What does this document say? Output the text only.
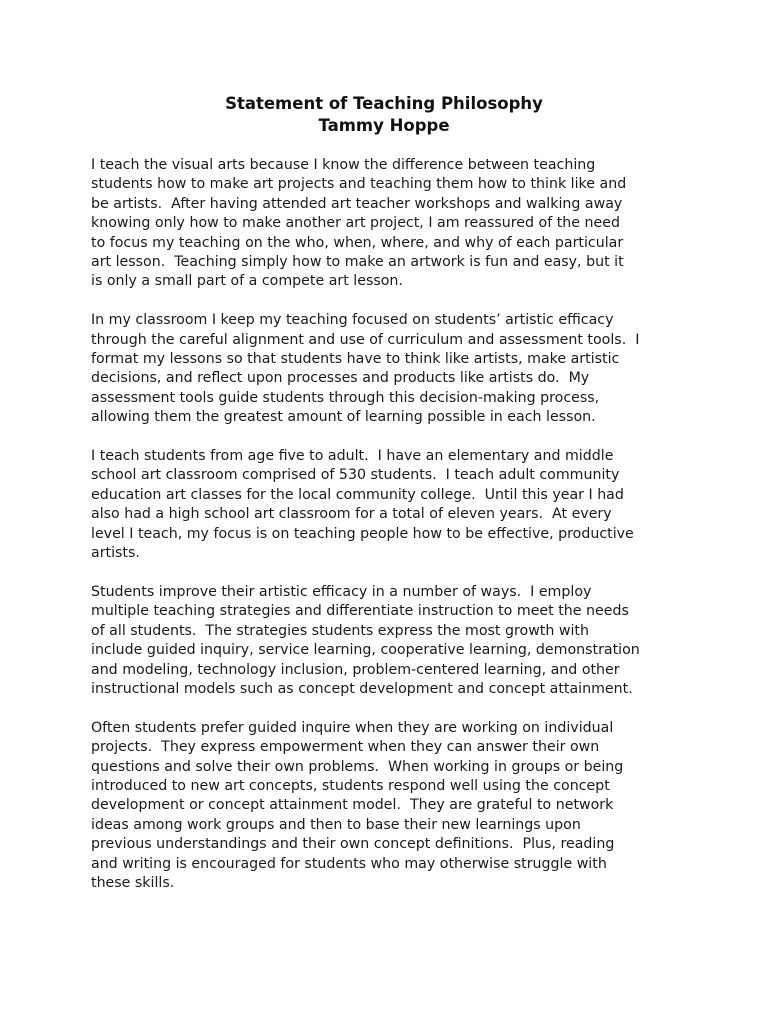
Statement of Teaching Philosophy
Tammy Hoppe

I teach the visual arts because I know the difference between teaching
students how to make art projects and teaching them how to think like and
be artists.  After having attended art teacher workshops and walking away
knowing only how to make another art project, I am reassured of the need
to focus my teaching on the who, when, where, and why of each particular
art lesson.  Teaching simply how to make an artwork is fun and easy, but it
is only a small part of a compete art lesson.

In my classroom I keep my teaching focused on students’ artistic efficacy
through the careful alignment and use of curriculum and assessment tools.  I
format my lessons so that students have to think like artists, make artistic
decisions, and reflect upon processes and products like artists do.  My
assessment tools guide students through this decision-making process,
allowing them the greatest amount of learning possible in each lesson.

I teach students from age five to adult.  I have an elementary and middle
school art classroom comprised of 530 students.  I teach adult community
education art classes for the local community college.  Until this year I had
also had a high school art classroom for a total of eleven years.  At every
level I teach, my focus is on teaching people how to be effective, productive
artists.

Students improve their artistic efficacy in a number of ways.  I employ
multiple teaching strategies and differentiate instruction to meet the needs
of all students.  The strategies students express the most growth with
include guided inquiry, service learning, cooperative learning, demonstration
and modeling, technology inclusion, problem-centered learning, and other
instructional models such as concept development and concept attainment.

Often students prefer guided inquire when they are working on individual
projects.  They express empowerment when they can answer their own
questions and solve their own problems.  When working in groups or being
introduced to new art concepts, students respond well using the concept
development or concept attainment model.  They are grateful to network
ideas among work groups and then to base their new learnings upon
previous understandings and their own concept definitions.  Plus, reading
and writing is encouraged for students who may otherwise struggle with
these skills.
